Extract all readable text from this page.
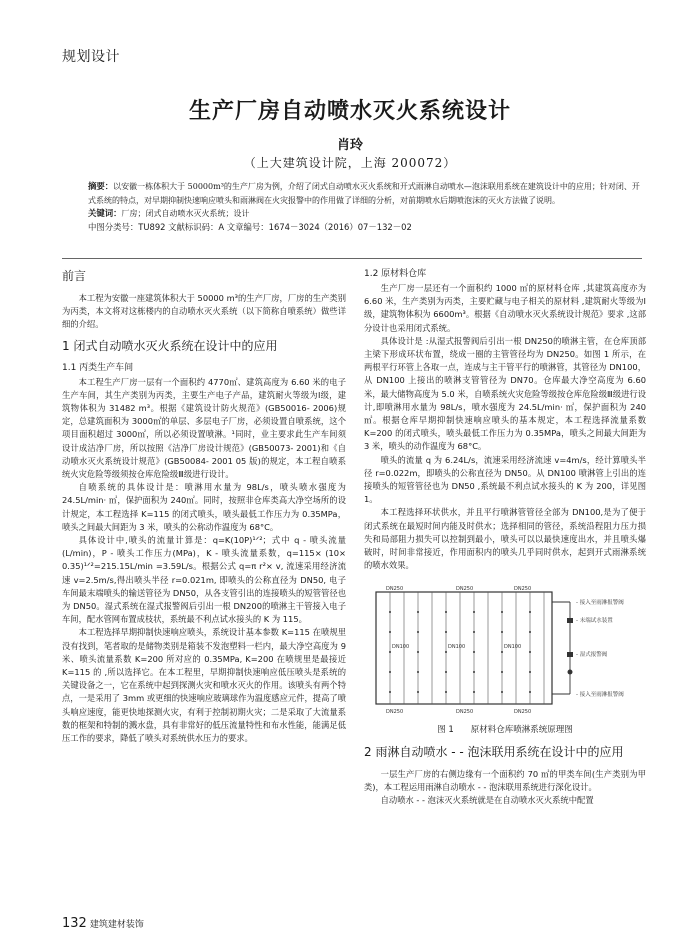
规划设计
生产厂房自动喷水灭火系统设计
肖玲
（上大建筑设计院，上海 200072）

摘要：以安徽一栋体积大于 50000m³的生产厂房为例，介绍了闭式自动喷水灭火系统和开式雨淋自动喷水—泡沫联用系统在建筑设计中的应用；针对闭、开式系统的特点，对早期抑制快速响应喷头和雨淋阀在火灾报警中的作用做了详细的分析，对前期喷水后期喷泡沫的灭火方法做了说明。

关键词：厂房；闭式自动喷水灭火系统；设计

中图分类号：TU892 文献标识码：A 文章编号：1674－3024（2016）07－132－02

前言

本工程为安徽一座建筑体积大于 50000 m³的生产厂房，厂房的生产类别为丙类，本文将对这栋楼内的自动喷水灭火系统（以下简称自喷系统）做些详细的介绍。

1 闭式自动喷水灭火系统在设计中的应用
1.1 丙类生产车间

本工程生产厂房一层有一个面积约 4770㎡、建筑高度为 6.60 米的电子生产车间，其生产类别为丙类，主要生产电子产品，建筑耐火等级为Ⅰ级，建筑物体积为 31482 m³。根据《建筑设计防火规范》(GB50016- 2006)规定，总建筑面积为 3000㎡的单层、多层电子厂房，必须设置自喷系统，这个项目面积超过 3000㎡，所以必须设置喷淋。¹同时，业主要求此生产车间须设计成洁净厂房，所以按照《洁净厂房设计规范》(GB50073- 2001)和《自动喷水灭火系统设计规范》(GB50084- 2001 05 版)的规定，本工程自喷系统火灾危险等级须按仓库危险级Ⅲ级进行设计。

自喷系统的具体设计是：喷淋用水量为 98L/s，喷头喷水强度为 24.5L/min· ㎡，保护面积为 240㎡。同时，按照非仓库类高大净空场所的设计规定，本工程选择 K=115 的闭式喷头，喷头最低工作压力为 0.35MPa，喷头之间最大间距为 3 米，喷头的公称动作温度为 68°C。

具体设计中,喷头的流量计算是：q=K(10P)¹ᐟ²；式中 q - 喷头流量(L/min)，P - 喷头工作压力(MPa)，K - 喷头流量系数，q=115× (10× 0.35)¹ᐟ²=215.15L/min =3.59L/s。根据公式 q=π r²× v, 流速采用经济流速 v=2.5m/s,得出喷头半径 r=0.021m, 即喷头的公称直径为 DN50, 电子车间最末端喷头的输送管径为 DN50，从各支管引出的连接喷头的短管管径也为 DN50。湿式系统在湿式报警阀后引出一根 DN200的喷淋主干管接入电子车间，配水管网布置成枝状，系统最不利点试水接头的 K 为 115。

本工程选择早期抑制快速响应喷头，系统设计基本参数 K=115 在喷规里没有找到，笔者取的是储物类别是箱装不发泡塑料一栏内，最大净空高度为 9 米、喷头流量系数 K=200 所对应的 0.35MPa, K=200 在喷规里是最接近 K=115 的 ,所以选择它。在本工程里，早期抑制快速响应低压喷头是系统的关键设备之一，它在系统中起到探测火灾和喷水灭火的作用。该喷头有两个特点，一是采用了 3mm 或更细的快速响应玻璃球作为温度感应元件，提高了喷头响应速度，能更快地探测火灾，有利于控制初期火灾；二是采取了大流量系数的框架和特制的溅水盘，具有非常好的低压流量特性和布水性能，能满足低压工作的要求，降低了喷头对系统供水压力的要求。

1.2 原材料仓库

生产厂房一层还有一个面积约 1000 ㎡的原材料仓库 ,其建筑高度亦为 6.60 米，生产类别为丙类，主要贮藏与电子相关的原材料 ,建筑耐火等级为Ⅰ级，建筑物体积为 6600m³。根据《自动喷水灭火系统设计规范》要求 ,这部分设计也采用闭式系统。

具体设计是 :从湿式报警阀后引出一根 DN250的喷淋主管，在仓库顶部主梁下形成环状布置，绕成一圈的主管管径均为 DN250。如图 1 所示，在两根平行环管上各取一点，连成与主干管平行的喷淋管，其管径为 DN100，从 DN100 上接出的喷淋支管管径为 DN70。仓库最大净空高度为 6.60 米，最大储物高度为 5.0 米，自喷系统火灾危险等级按仓库危险级Ⅲ级进行设计,即喷淋用水量为 98L/s，喷水强度为 24.5L/min· ㎡，保护面积为 240㎡。根据仓库早期抑制快速响应喷头的基本规定，本工程选择流量系数 K=200 的闭式喷头，喷头最低工作压力为 0.35MPa，喷头之间最大间距为 3 米，喷头的动作温度为 68°C。

喷头的流量 q 为 6.24L/s，流速采用经济流速 v=4m/s，经计算喷头半径 r=0.022m，即喷头的公称直径为 DN50。从 DN100 喷淋管上引出的连接喷头的短管管径也为 DN50 ,系统最不利点试水接头的 K 为 200，详见图 1。

本工程选择环状供水，并且平行喷淋管管径全部为 DN100,是为了便于闭式系统在最短时间内能及时供水；选择相同的管径，系统沿程阻力压力损失和局部阻力损失可以控制到最小，喷头可以以最快速度出水，并且喷头爆破时，时间非常接近，作用面积内的喷头几乎同时供水，起到开式雨淋系统的喷水效果。

DN250	DN250	DN250
DN250	DN250	DN250
DN100	DN100	DN100
- 接入至雨淋报警阀
- 末端试水装置
- 湿式报警阀
- 接入至雨淋报警阀
图 1　　原材料仓库喷淋系统原理图
2 雨淋自动喷水 - - 泡沫联用系统在设计中的应用

一层生产厂房的右侧边缘有一个面积约 70 ㎡的甲类车间(生产类别为甲类)，本工程运用雨淋自动喷水 - - 泡沫联用系统进行深化设计。

自动喷水 - - 泡沫灭火系统就是在自动喷水灭火系统中配置

132 建筑建材装饰
